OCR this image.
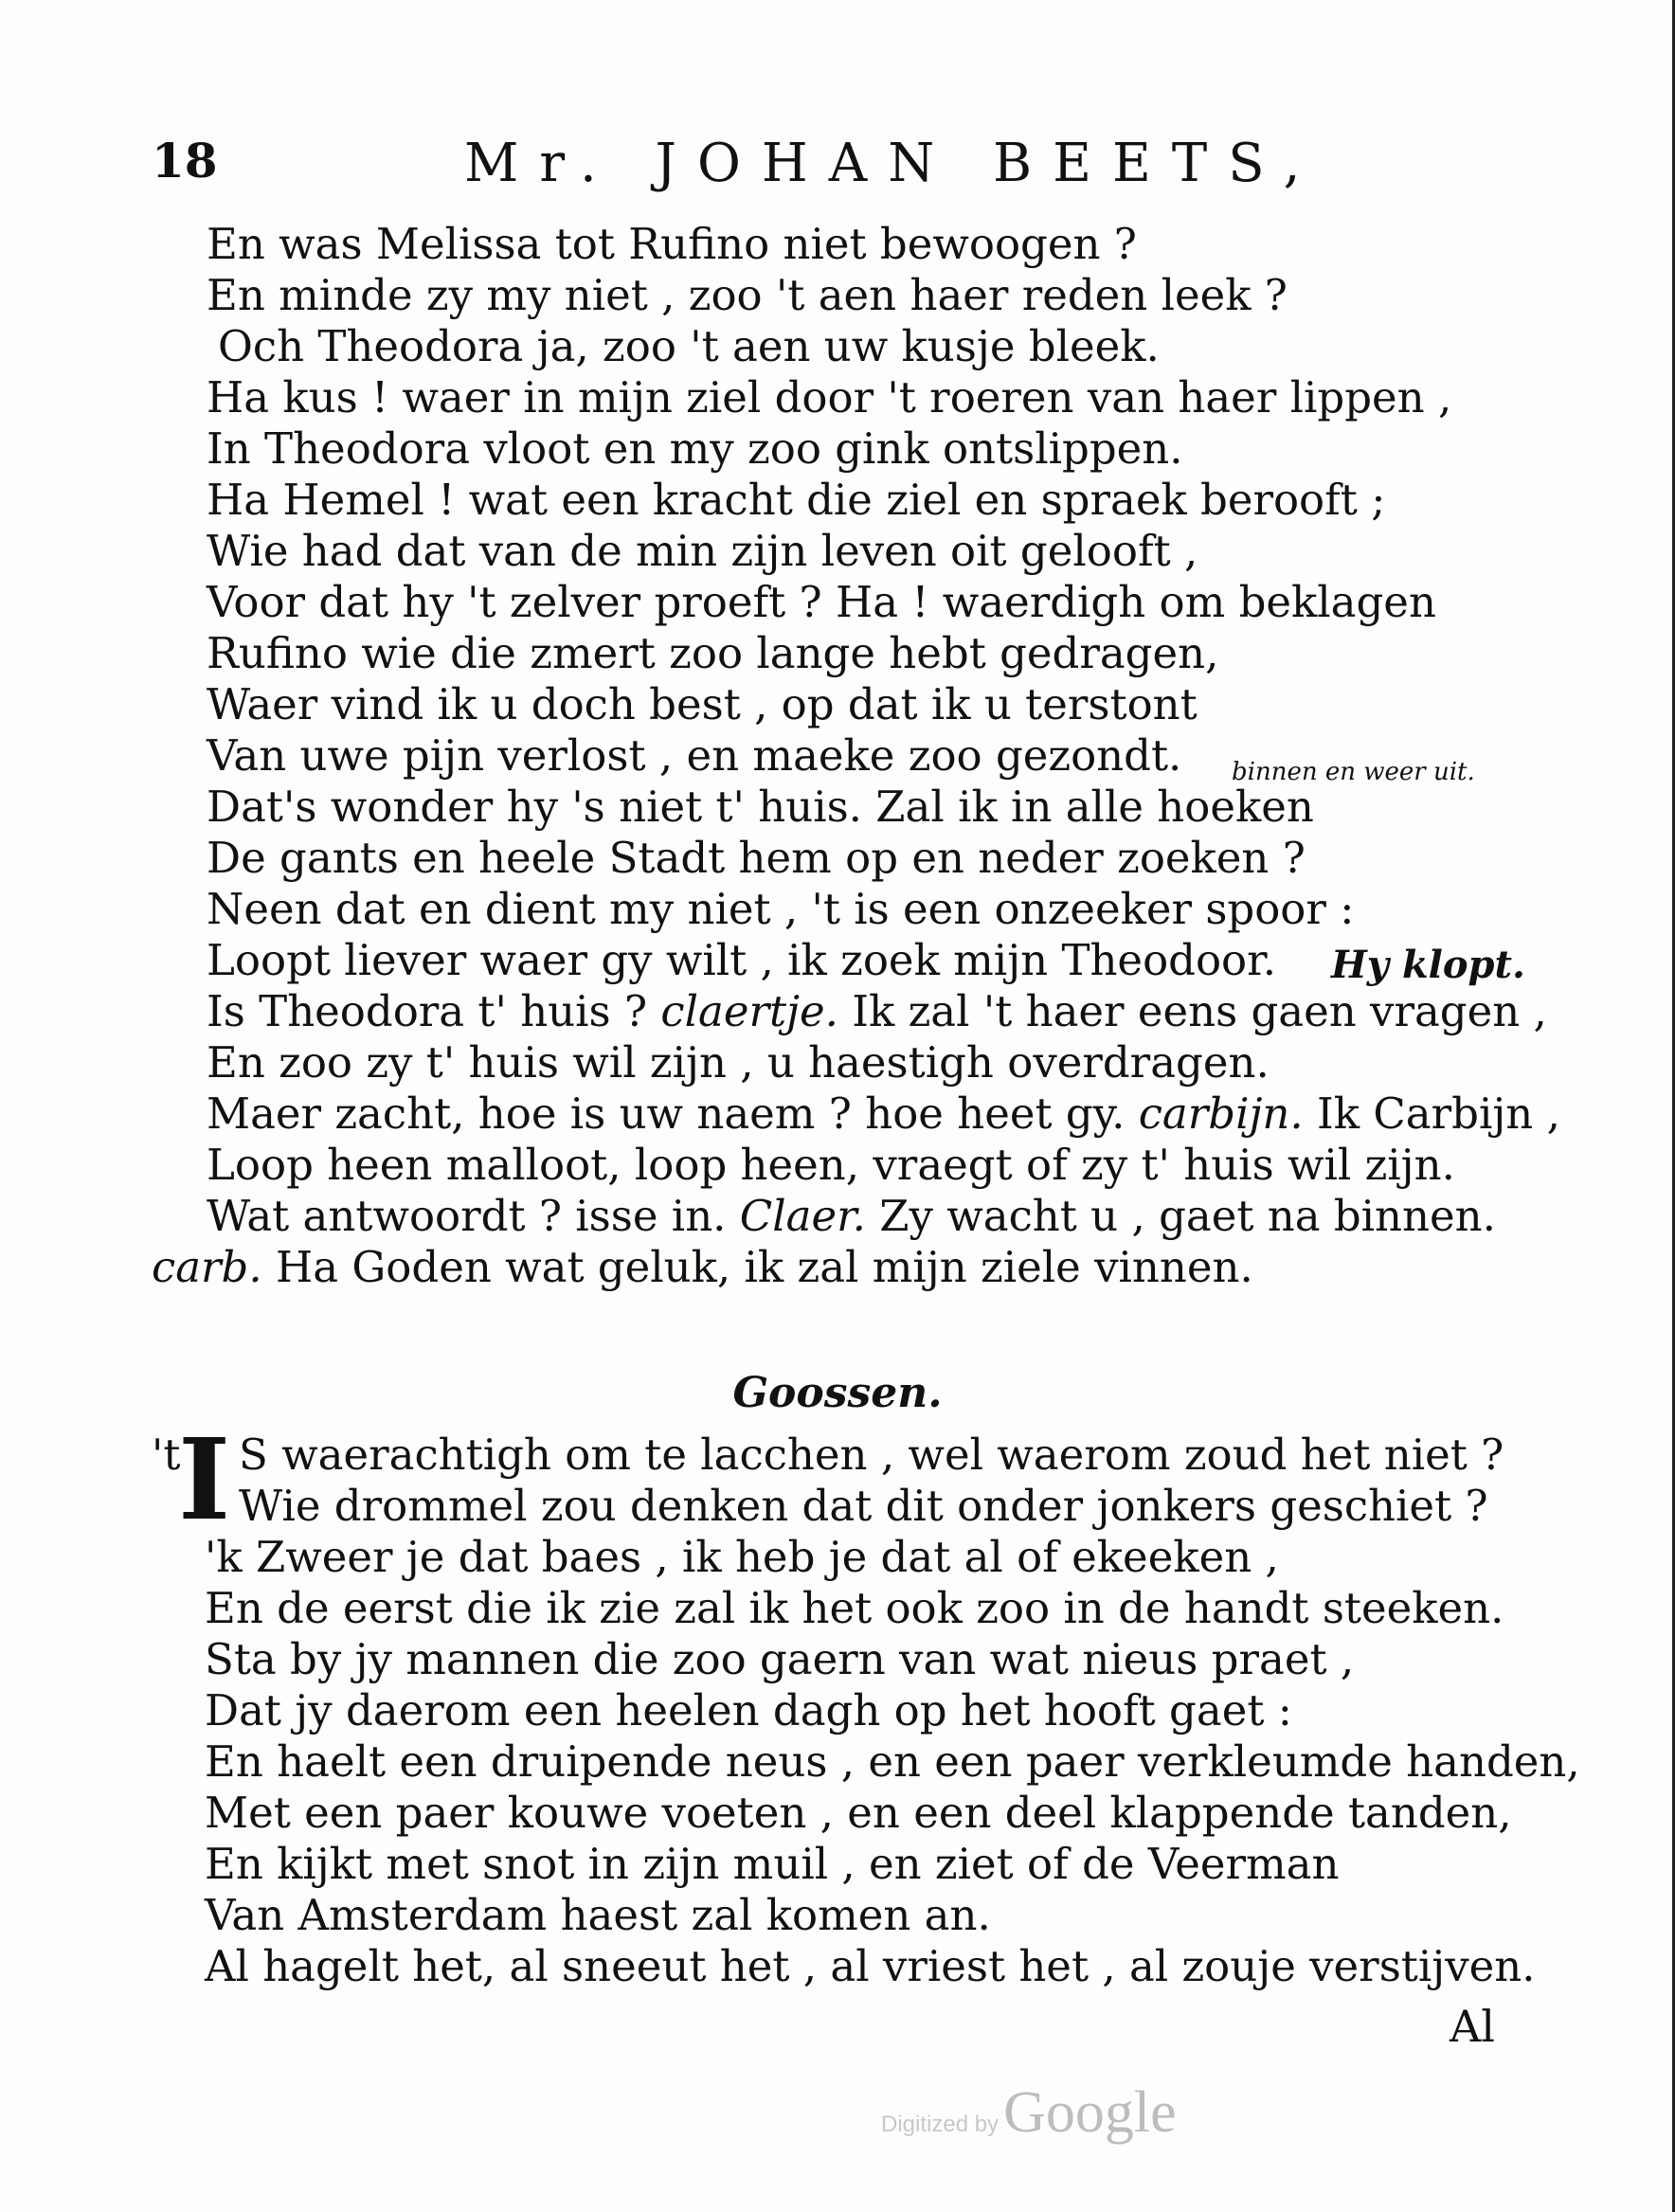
18	Mr. JOHAN BEETS,
En was Melissa tot Rufino niet bewoogen ?
En minde zy my niet , zoo 't aen haer reden leek ?
Och Theodora ja, zoo 't aen uw kusje bleek.
Ha kus ! waer in mijn ziel door 't roeren van haer lippen ,
In Theodora vloot en my zoo gink ontslippen.
Ha Hemel ! wat een kracht die ziel en spraek berooft ;
Wie had dat van de min zijn leven oit gelooft ,
Voor dat hy 't zelver proeft ? Ha ! waerdigh om beklagen
Rufino wie die zmert zoo lange hebt gedragen,
Waer vind ik u doch best , op dat ik u terstont
Van uwe pijn verlost , en maeke zoo gezondt. binnen en weer uit.
Dat's wonder hy 's niet t' huis. Zal ik in alle hoeken
De gants en heele Stadt hem op en neder zoeken ?
Neen dat en dient my niet , 't is een onzeeker spoor :
Loopt liever waer gy wilt , ik zoek mijn Theodoor. Hy klopt.
Is Theodora t' huis ? claertje. Ik zal 't haer eens gaen vragen ,
En zoo zy t' huis wil zijn , u haestigh overdragen.
Maer zacht, hoe is uw naem ? hoe heet gy. carbijn. Ik Carbijn ,
Loop heen malloot, loop heen, vraegt of zy t' huis wil zijn.
Wat antwoordt ? isse in. Claer. Zy wacht u , gaet na binnen.
carb. Ha Goden wat geluk, ik zal mijn ziele vinnen.
Goossen.
I
't S waerachtigh om te lacchen , wel waerom zoud het niet ?
Wie drommel zou denken dat dit onder jonkers geschiet ?
'k Zweer je dat baes , ik heb je dat al of ekeeken ,
En de eerst die ik zie zal ik het ook zoo in de handt steeken.
Sta by jy mannen die zoo gaern van wat nieus praet ,
Dat jy daerom een heelen dagh op het hooft gaet :
En haelt een druipende neus , en een paer verkleumde handen,
Met een paer kouwe voeten , en een deel klappende tanden,
En kijkt met snot in zijn muil , en ziet of de Veerman
Van Amsterdam haest zal komen an.
Al hagelt het, al sneeut het , al vriest het , al zouje verstijven.
Al
Digitized by Google
